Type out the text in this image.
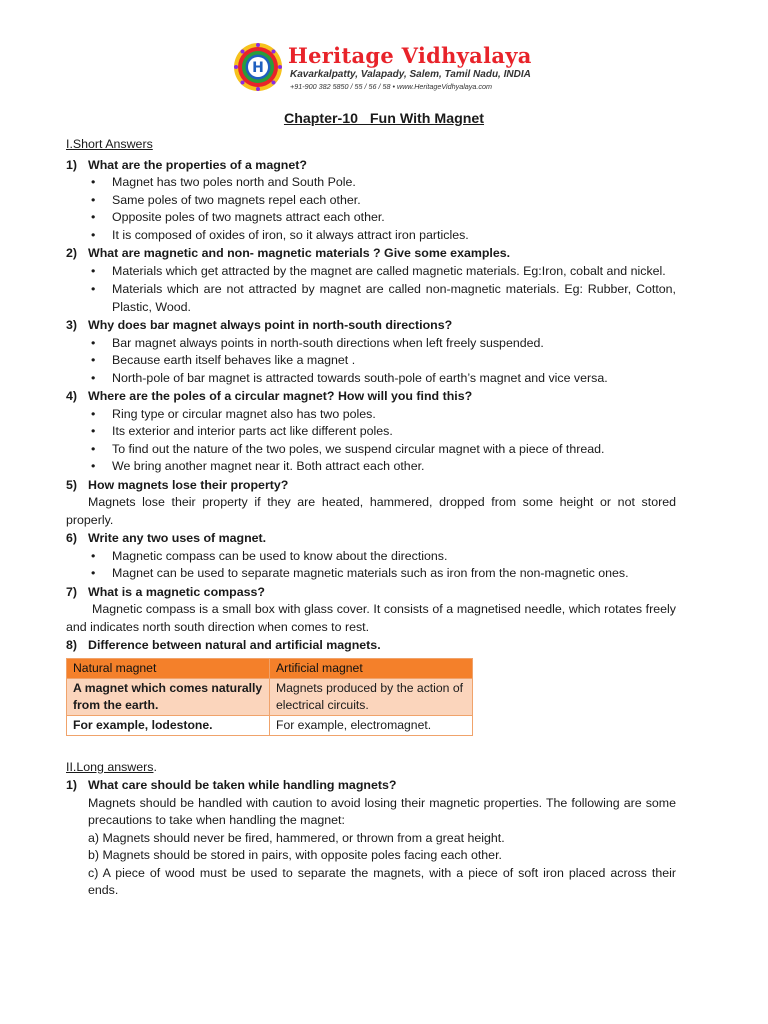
H Heritage Vidhyalaya
Kavarkalpatty, Valapady, Salem, Tamil Nadu, INDIA
+91-900 382 5850 / 55 / 56 / 58 • www.HeritageVidhyalaya.com
Chapter-10   Fun With Magnet
I.Short Answers
1) What are the properties of a magnet?
• Magnet has two poles north and South Pole.
• Same poles of two magnets repel each other.
• Opposite poles of two magnets attract each other.
• It is composed of oxides of iron, so it always attract iron particles.
2) What are magnetic and non- magnetic materials ? Give some examples.
• Materials which get attracted by the magnet are called magnetic materials. Eg:Iron, cobalt and nickel.
• Materials which are not attracted by magnet are called non-magnetic materials. Eg: Rubber, Cotton, Plastic, Wood.
3) Why does bar magnet always point in north-south directions?
• Bar magnet always points in north-south directions when left freely suspended.
• Because earth itself behaves like a magnet .
• North-pole of bar magnet is attracted towards south-pole of earth’s magnet and vice versa.
4) Where are the poles of a circular magnet? How will you find this?
• Ring type or circular magnet also has two poles.
• Its exterior and interior parts act like different poles.
• To find out the nature of the two poles, we suspend circular magnet with a piece of thread.
• We bring another magnet near it. Both attract each other.
5) How magnets lose their property?
Magnets lose their property if they are heated, hammered, dropped from some height or not stored properly.
6) Write any two uses of magnet.
• Magnetic compass can be used to know about the directions.
• Magnet can be used to separate magnetic materials such as iron from the non-magnetic ones.
7) What is a magnetic compass?
Magnetic compass is a small box with glass cover. It consists of a magnetised needle, which rotates freely and indicates north south direction when comes to rest.
8) Difference between natural and artificial magnets.
Natural magnet	Artificial magnet
A magnet which comes naturally from the earth.	Magnets produced by the action of electrical circuits.
For example, lodestone.	For example, electromagnet.
II.Long answers.
1) What care should be taken while handling magnets?
Magnets should be handled with caution to avoid losing their magnetic properties. The following are some precautions to take when handling the magnet:
a) Magnets should never be fired, hammered, or thrown from a great height.
b) Magnets should be stored in pairs, with opposite poles facing each other.
c) A piece of wood must be used to separate the magnets, with a piece of soft iron placed across their ends.
